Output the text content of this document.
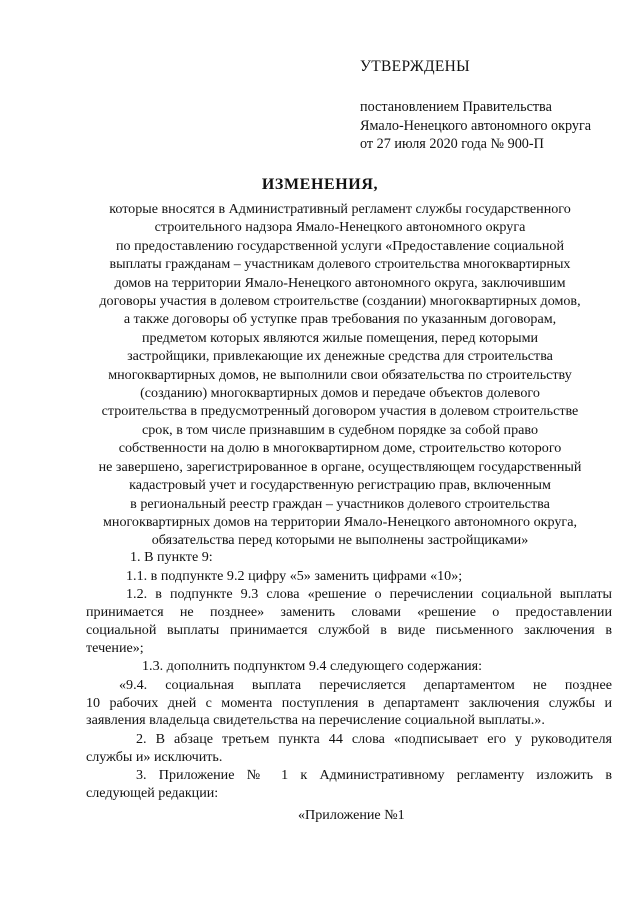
УТВЕРЖДЕНЫ
постановлением Правительства
Ямало-Ненецкого автономного округа
от 27 июля 2020 года № 900-П
ИЗМЕНЕНИЯ,
которые вносятся в Административный регламент службы государственного
строительного надзора Ямало-Ненецкого автономного округа
по предоставлению государственной услуги «Предоставление социальной
выплаты гражданам – участникам долевого строительства многоквартирных
домов на территории Ямало-Ненецкого автономного округа, заключившим
договоры участия в долевом строительстве (создании) многоквартирных домов,
а также договоры об уступке прав требования по указанным договорам,
предметом которых являются жилые помещения, перед которыми
застройщики, привлекающие их денежные средства для строительства
многоквартирных домов, не выполнили свои обязательства по строительству
(созданию) многоквартирных домов и передаче объектов долевого
строительства в предусмотренный договором участия в долевом строительстве
срок, в том числе признавшим в судебном порядке за собой право
собственности на долю в многоквартирном доме, строительство которого
не завершено, зарегистрированное в органе, осуществляющем государственный
кадастровый учет и государственную регистрацию прав, включенным
в региональный реестр граждан – участников долевого строительства
многоквартирных домов на территории Ямало-Ненецкого автономного округа,
обязательства перед которыми не выполнены застройщиками»
1. В пункте 9:
1.1. в подпункте 9.2 цифру «5» заменить цифрами «10»;
1.2. в подпункте 9.3 слова «решение о перечислении социальной выплаты
принимается не позднее» заменить словами «решение о предоставлении
социальной выплаты принимается службой в виде письменного заключения в
течение»;
1.3. дополнить подпунктом 9.4 следующего содержания:
«9.4. социальная выплата перечисляется департаментом не позднее
10 рабочих дней с момента поступления в департамент заключения службы и
заявления владельца свидетельства на перечисление социальной выплаты.».
2. В абзаце третьем пункта 44 слова «подписывает его у руководителя
службы и» исключить.
3. Приложение № 1 к Административному регламенту изложить в
следующей редакции:
«Приложение №1
